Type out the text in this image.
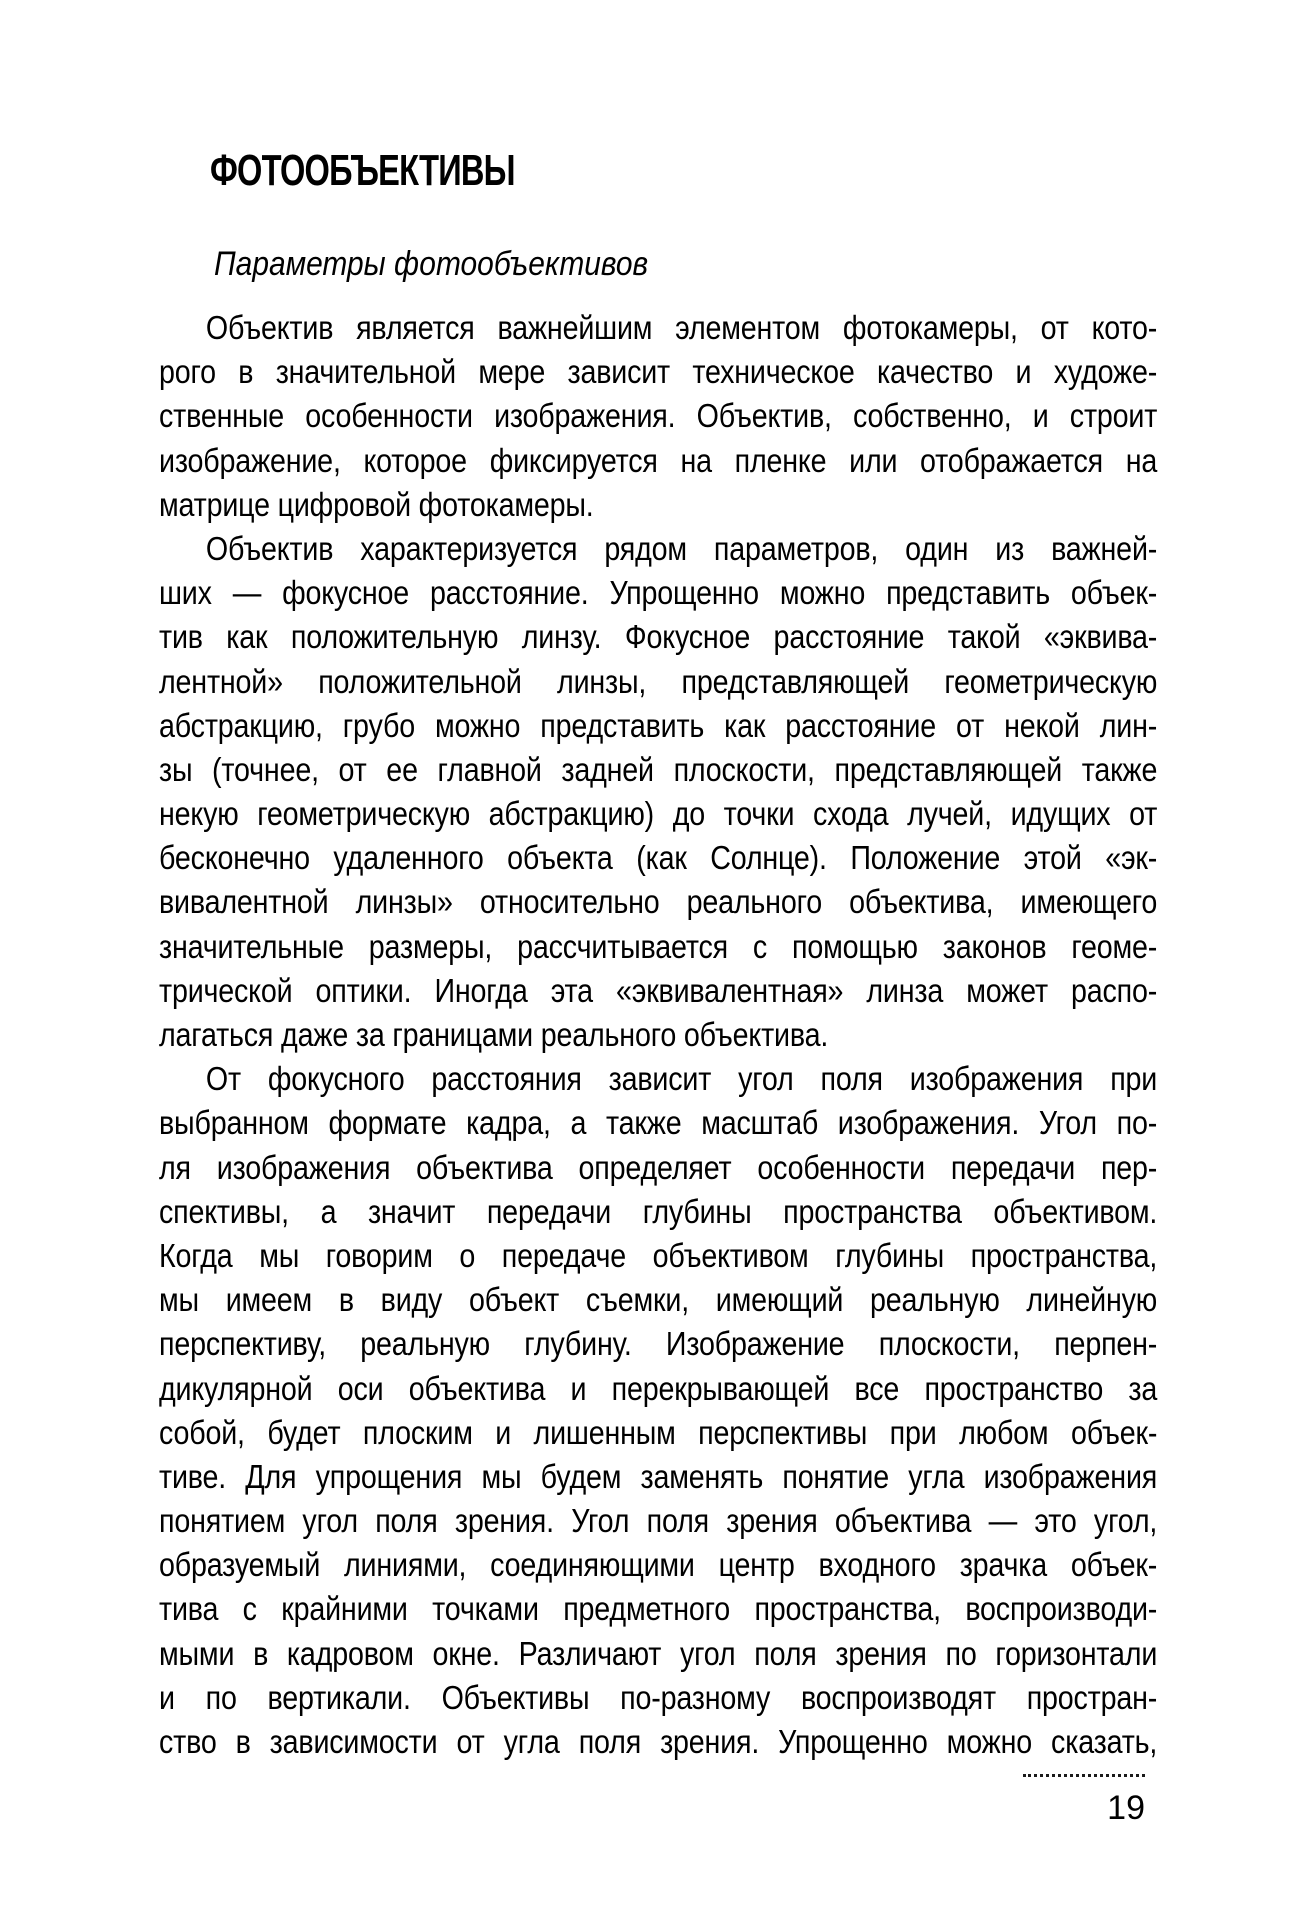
ФОТООБЪЕКТИВЫ
Параметры фотообъективов
Объектив является важнейшим элементом фотокамеры, от кото-
рого в значительной мере зависит техническое качество и художе-
ственные особенности изображения. Объектив, собственно, и строит
изображение, которое фиксируется на пленке или отображается на
матрице цифровой фотокамеры.
Объектив характеризуется рядом параметров, один из важней-
ших — фокусное расстояние. Упрощенно можно представить объек-
тив как положительную линзу. Фокусное расстояние такой «эквива-
лентной» положительной линзы, представляющей геометрическую
абстракцию, грубо можно представить как расстояние от некой лин-
зы (точнее, от ее главной задней плоскости, представляющей также
некую геометрическую абстракцию) до точки схода лучей, идущих от
бесконечно удаленного объекта (как Солнце). Положение этой «эк-
вивалентной линзы» относительно реального объектива, имеющего
значительные размеры, рассчитывается с помощью законов геоме-
трической оптики. Иногда эта «эквивалентная» линза может распо-
лагаться даже за границами реального объектива.
От фокусного расстояния зависит угол поля изображения при
выбранном формате кадра, а также масштаб изображения. Угол по-
ля изображения объектива определяет особенности передачи пер-
спективы, а значит передачи глубины пространства объективом.
Когда мы говорим о передаче объективом глубины пространства,
мы имеем в виду объект съемки, имеющий реальную линейную
перспективу, реальную глубину. Изображение плоскости, перпен-
дикулярной оси объектива и перекрывающей все пространство за
собой, будет плоским и лишенным перспективы при любом объек-
тиве. Для упрощения мы будем заменять понятие угла изображения
понятием угол поля зрения. Угол поля зрения объектива — это угол,
образуемый линиями, соединяющими центр входного зрачка объек-
тива с крайними точками предметного пространства, воспроизводи-
мыми в кадровом окне. Различают угол поля зрения по горизонтали
и по вертикали. Объективы по-разному воспроизводят простран-
ство в зависимости от угла поля зрения. Упрощенно можно сказать,
19
